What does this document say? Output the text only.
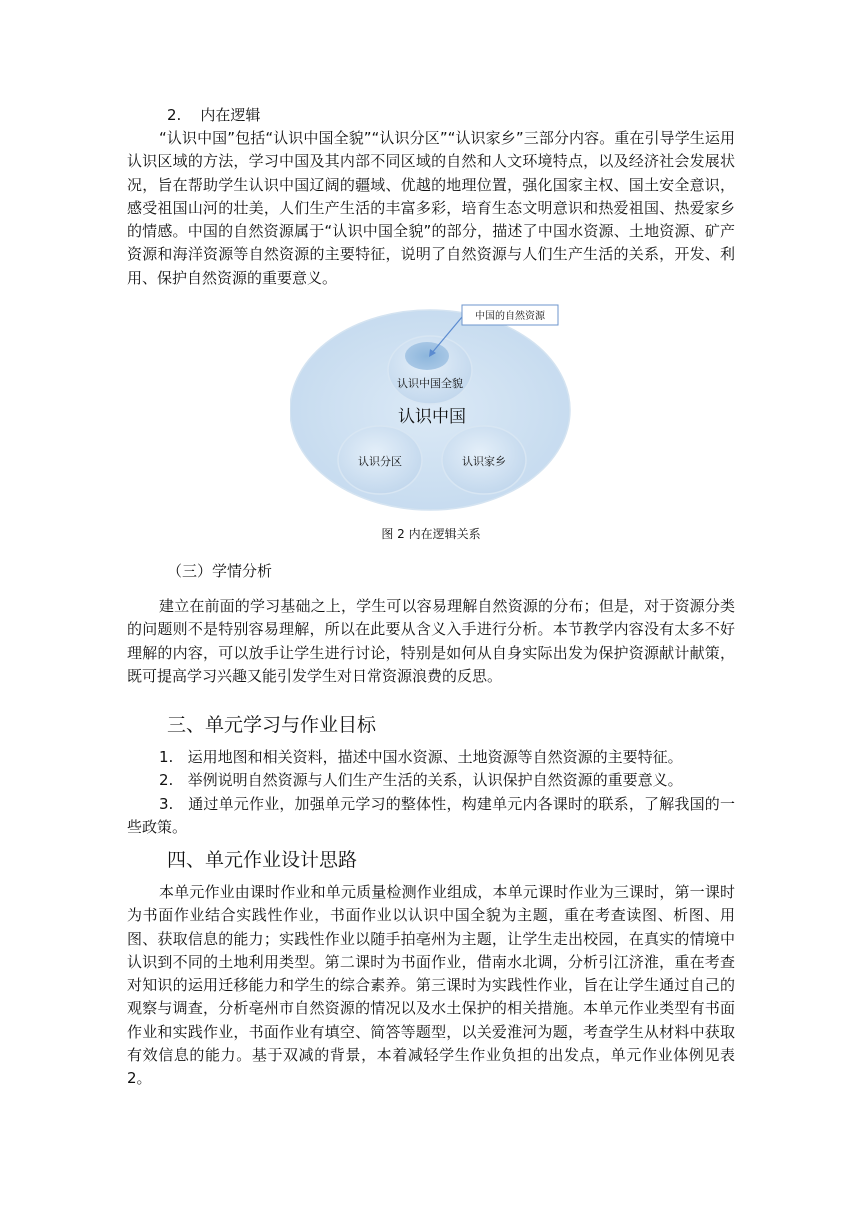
2.    内在逻辑

“认识中国”包括“认识中国全貌”“认识分区”“认识家乡”三部分内容。重在引导学生运用认识区域的方法，学习中国及其内部不同区域的自然和人文环境特点，以及经济社会发展状况，旨在帮助学生认识中国辽阔的疆域、优越的地理位置，强化国家主权、国土安全意识，感受祖国山河的壮美，人们生产生活的丰富多彩，培育生态文明意识和热爱祖国、热爱家乡的情感。中国的自然资源属于“认识中国全貌”的部分，描述了中国水资源、土地资源、矿产资源和海洋资源等自然资源的主要特征，说明了自然资源与人们生产生活的关系，开发、利用、保护自然资源的重要意义。

中国的自然资源
认识中国全貌
认识中国
认识分区	认识家乡

图 2 内在逻辑关系

（三）学情分析

建立在前面的学习基础之上，学生可以容易理解自然资源的分布；但是，对于资源分类的问题则不是特别容易理解，所以在此要从含义入手进行分析。本节教学内容没有太多不好理解的内容，可以放手让学生进行讨论，特别是如何从自身实际出发为保护资源献计献策，既可提高学习兴趣又能引发学生对日常资源浪费的反思。

三、单元学习与作业目标

1.   运用地图和相关资料，描述中国水资源、土地资源等自然资源的主要特征。

2.   举例说明自然资源与人们生产生活的关系，认识保护自然资源的重要意义。

3.   通过单元作业，加强单元学习的整体性，构建单元内各课时的联系，了解我国的一些政策。

四、单元作业设计思路

本单元作业由课时作业和单元质量检测作业组成，本单元课时作业为三课时，第一课时为书面作业结合实践性作业，书面作业以认识中国全貌为主题，重在考查读图、析图、用图、获取信息的能力；实践性作业以随手拍亳州为主题，让学生走出校园，在真实的情境中认识到不同的土地利用类型。第二课时为书面作业，借南水北调，分析引江济淮，重在考查对知识的运用迁移能力和学生的综合素养。第三课时为实践性作业，旨在让学生通过自己的观察与调查，分析亳州市自然资源的情况以及水土保护的相关措施。本单元作业类型有书面作业和实践作业，书面作业有填空、简答等题型，以关爱淮河为题，考查学生从材料中获取有效信息的能力。基于双减的背景，本着减轻学生作业负担的出发点，单元作业体例见表 2。
